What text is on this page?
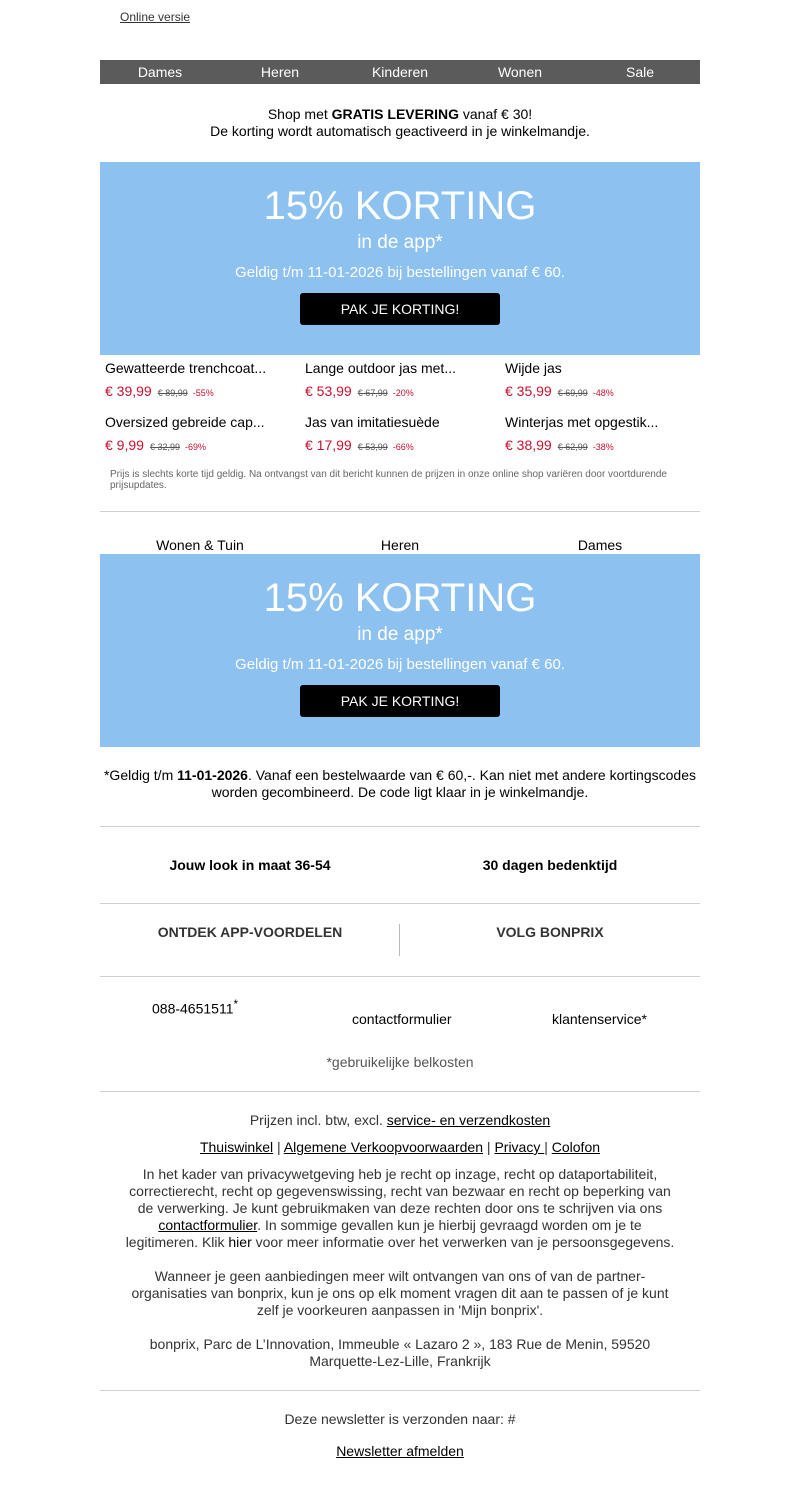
Online versie
Dames	Heren	Kinderen	Wonen	Sale
Shop met GRATIS LEVERING vanaf € 30!
De korting wordt automatisch geactiveerd in je winkelmandje.
15% KORTING
in de app*
Geldig t/m 11-01-2026 bij bestellingen vanaf € 60.
PAK JE KORTING!
Gewatteerde trenchcoat...
€ 39,99 € 89,99 -55%
Lange outdoor jas met...
€ 53,99 € 67,99 -20%
Wijde jas
€ 35,99 € 69,99 -48%
Oversized gebreide cap...
€ 9,99 € 32,99 -69%
Jas van imitatiesuède
€ 17,99 € 53,99 -66%
Winterjas met opgestik...
€ 38,99 € 62,99 -38%
Prijs is slechts korte tijd geldig. Na ontvangst van dit bericht kunnen de prijzen in onze online shop variëren door voortdurende prijsupdates.
Wonen & Tuin	Heren	Dames
15% KORTING
in de app*
Geldig t/m 11-01-2026 bij bestellingen vanaf € 60.
PAK JE KORTING!
*Geldig t/m 11-01-2026. Vanaf een bestelwaarde van € 60,-. Kan niet met andere kortingscodes worden gecombineerd. De code ligt klaar in je winkelmandje.
Jouw look in maat 36-54	30 dagen bedenktijd
ONTDEK APP-VOORDELEN	VOLG BONPRIX
088-4651511*
contactformulier	klantenservice*
*gebruikelijke belkosten
Prijzen incl. btw, excl. service- en verzendkosten
Thuiswinkel | Algemene Verkoopvoorwaarden | Privacy | Colofon
In het kader van privacywetgeving heb je recht op inzage, recht op dataportabiliteit, correctierecht, recht op gegevenswissing, recht van bezwaar en recht op beperking van de verwerking. Je kunt gebruikmaken van deze rechten door ons te schrijven via ons contactformulier. In sommige gevallen kun je hierbij gevraagd worden om je te legitimeren. Klik hier voor meer informatie over het verwerken van je persoonsgegevens.
Wanneer je geen aanbiedingen meer wilt ontvangen van ons of van de partner-organisaties van bonprix, kun je ons op elk moment vragen dit aan te passen of je kunt zelf je voorkeuren aanpassen in 'Mijn bonprix'.
bonprix, Parc de L’Innovation, Immeuble « Lazaro 2 », 183 Rue de Menin, 59520 Marquette-Lez-Lille, Frankrijk
Deze newsletter is verzonden naar: #
Newsletter afmelden
